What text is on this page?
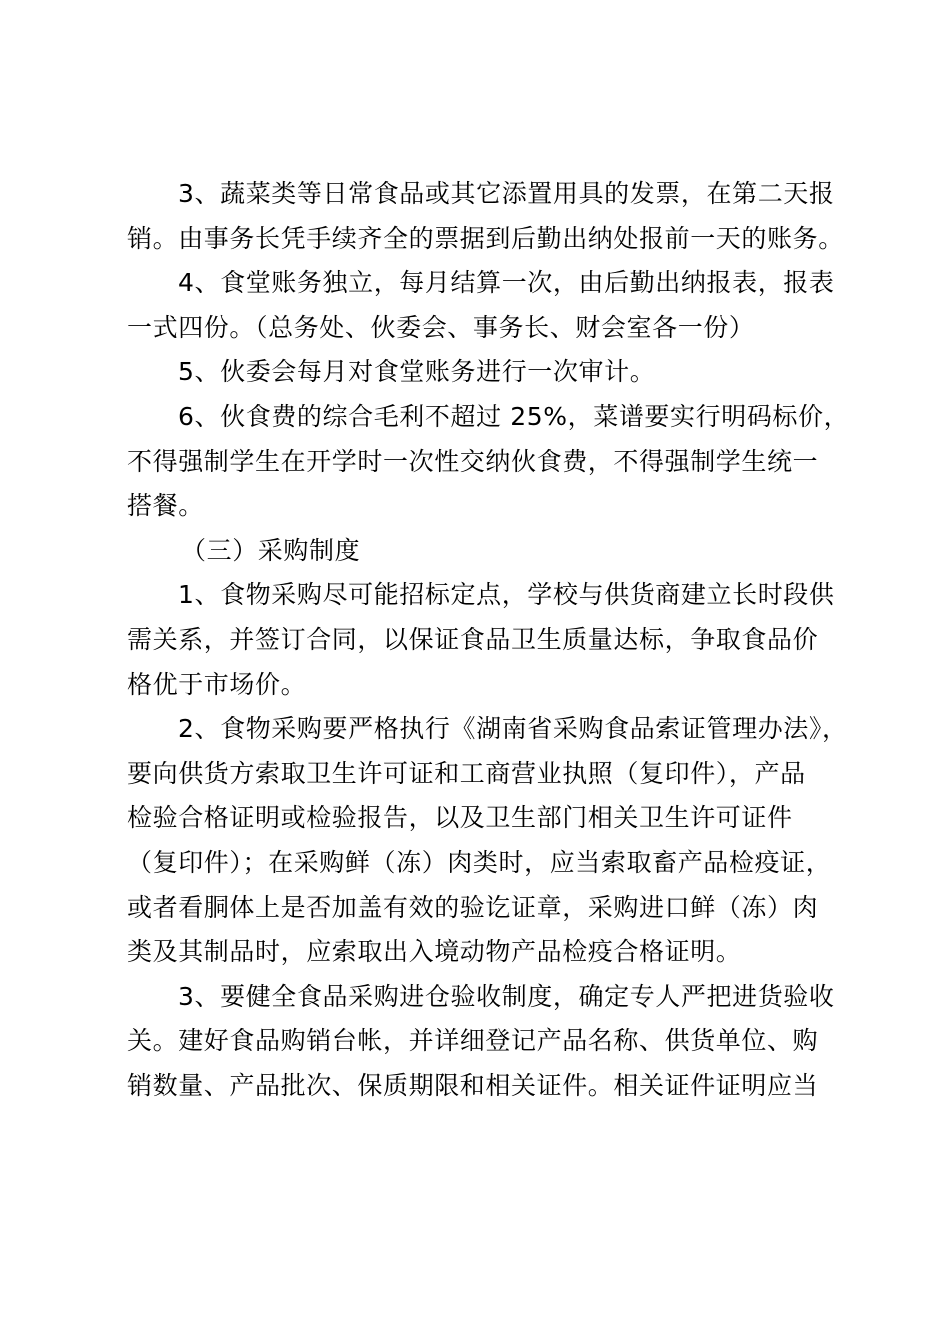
3、蔬菜类等日常食品或其它添置用具的发票，在第二天报
销。由事务长凭手续齐全的票据到后勤出纳处报前一天的账务。
4、食堂账务独立，每月结算一次，由后勤出纳报表，报表
一式四份。（总务处、伙委会、事务长、财会室各一份）
5、伙委会每月对食堂账务进行一次审计。
6、伙食费的综合毛利不超过 25%，菜谱要实行明码标价，
不得强制学生在开学时一次性交纳伙食费，不得强制学生统一
搭餐。
（三）采购制度
1、食物采购尽可能招标定点，学校与供货商建立长时段供
需关系，并签订合同，以保证食品卫生质量达标，争取食品价
格优于市场价。
2、食物采购要严格执行《湖南省采购食品索证管理办法》，
要向供货方索取卫生许可证和工商营业执照（复印件），产品
检验合格证明或检验报告，以及卫生部门相关卫生许可证件
（复印件）；在采购鲜（冻）肉类时，应当索取畜产品检疫证，
或者看胴体上是否加盖有效的验讫证章，采购进口鲜（冻）肉
类及其制品时，应索取出入境动物产品检疫合格证明。
3、要健全食品采购进仓验收制度，确定专人严把进货验收
关。建好食品购销台帐，并详细登记产品名称、供货单位、购
销数量、产品批次、保质期限和相关证件。相关证件证明应当
